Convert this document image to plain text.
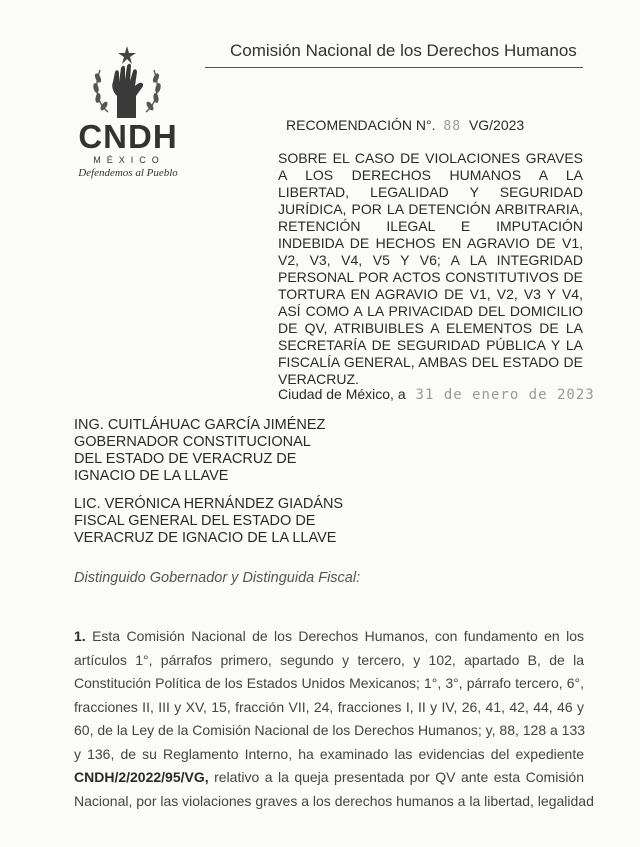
CNDH
MÉXICO
Defendemos al Pueblo
Comisión Nacional de los Derechos Humanos
RECOMENDACIÓN N°. 88 VG/2023
SOBRE EL CASO DE VIOLACIONES GRAVES
A LOS DERECHOS HUMANOS A LA
LIBERTAD, LEGALIDAD Y SEGURIDAD
JURÍDICA, POR LA DETENCIÓN ARBITRARIA,
RETENCIÓN ILEGAL E IMPUTACIÓN
INDEBIDA DE HECHOS EN AGRAVIO DE V1,
V2, V3, V4, V5 Y V6; A LA INTEGRIDAD
PERSONAL POR ACTOS CONSTITUTIVOS DE
TORTURA EN AGRAVIO DE V1, V2, V3 Y V4,
ASÍ COMO A LA PRIVACIDAD DEL DOMICILIO
DE QV, ATRIBUIBLES A ELEMENTOS DE LA
SECRETARÍA DE SEGURIDAD PÚBLICA Y LA
FISCALÍA GENERAL, AMBAS DEL ESTADO DE
VERACRUZ.
Ciudad de México, a 31 de enero de 2023
ING. CUITLÁHUAC GARCÍA JIMÉNEZ
GOBERNADOR CONSTITUCIONAL
DEL ESTADO DE VERACRUZ DE
IGNACIO DE LA LLAVE
LIC. VERÓNICA HERNÁNDEZ GIADÁNS
FISCAL GENERAL DEL ESTADO DE
VERACRUZ DE IGNACIO DE LA LLAVE
Distinguido Gobernador y Distinguida Fiscal:
1. Esta Comisión Nacional de los Derechos Humanos, con fundamento en los
artículos 1°, párrafos primero, segundo y tercero, y 102, apartado B, de la
Constitución Política de los Estados Unidos Mexicanos; 1°, 3°, párrafo tercero, 6°,
fracciones II, III y XV, 15, fracción VII, 24, fracciones I, II y IV, 26, 41, 42, 44, 46 y
60, de la Ley de la Comisión Nacional de los Derechos Humanos; y, 88, 128 a 133
y 136, de su Reglamento Interno, ha examinado las evidencias del expediente
CNDH/2/2022/95/VG, relativo a la queja presentada por QV ante esta Comisión
Nacional, por las violaciones graves a los derechos humanos a la libertad, legalidad
